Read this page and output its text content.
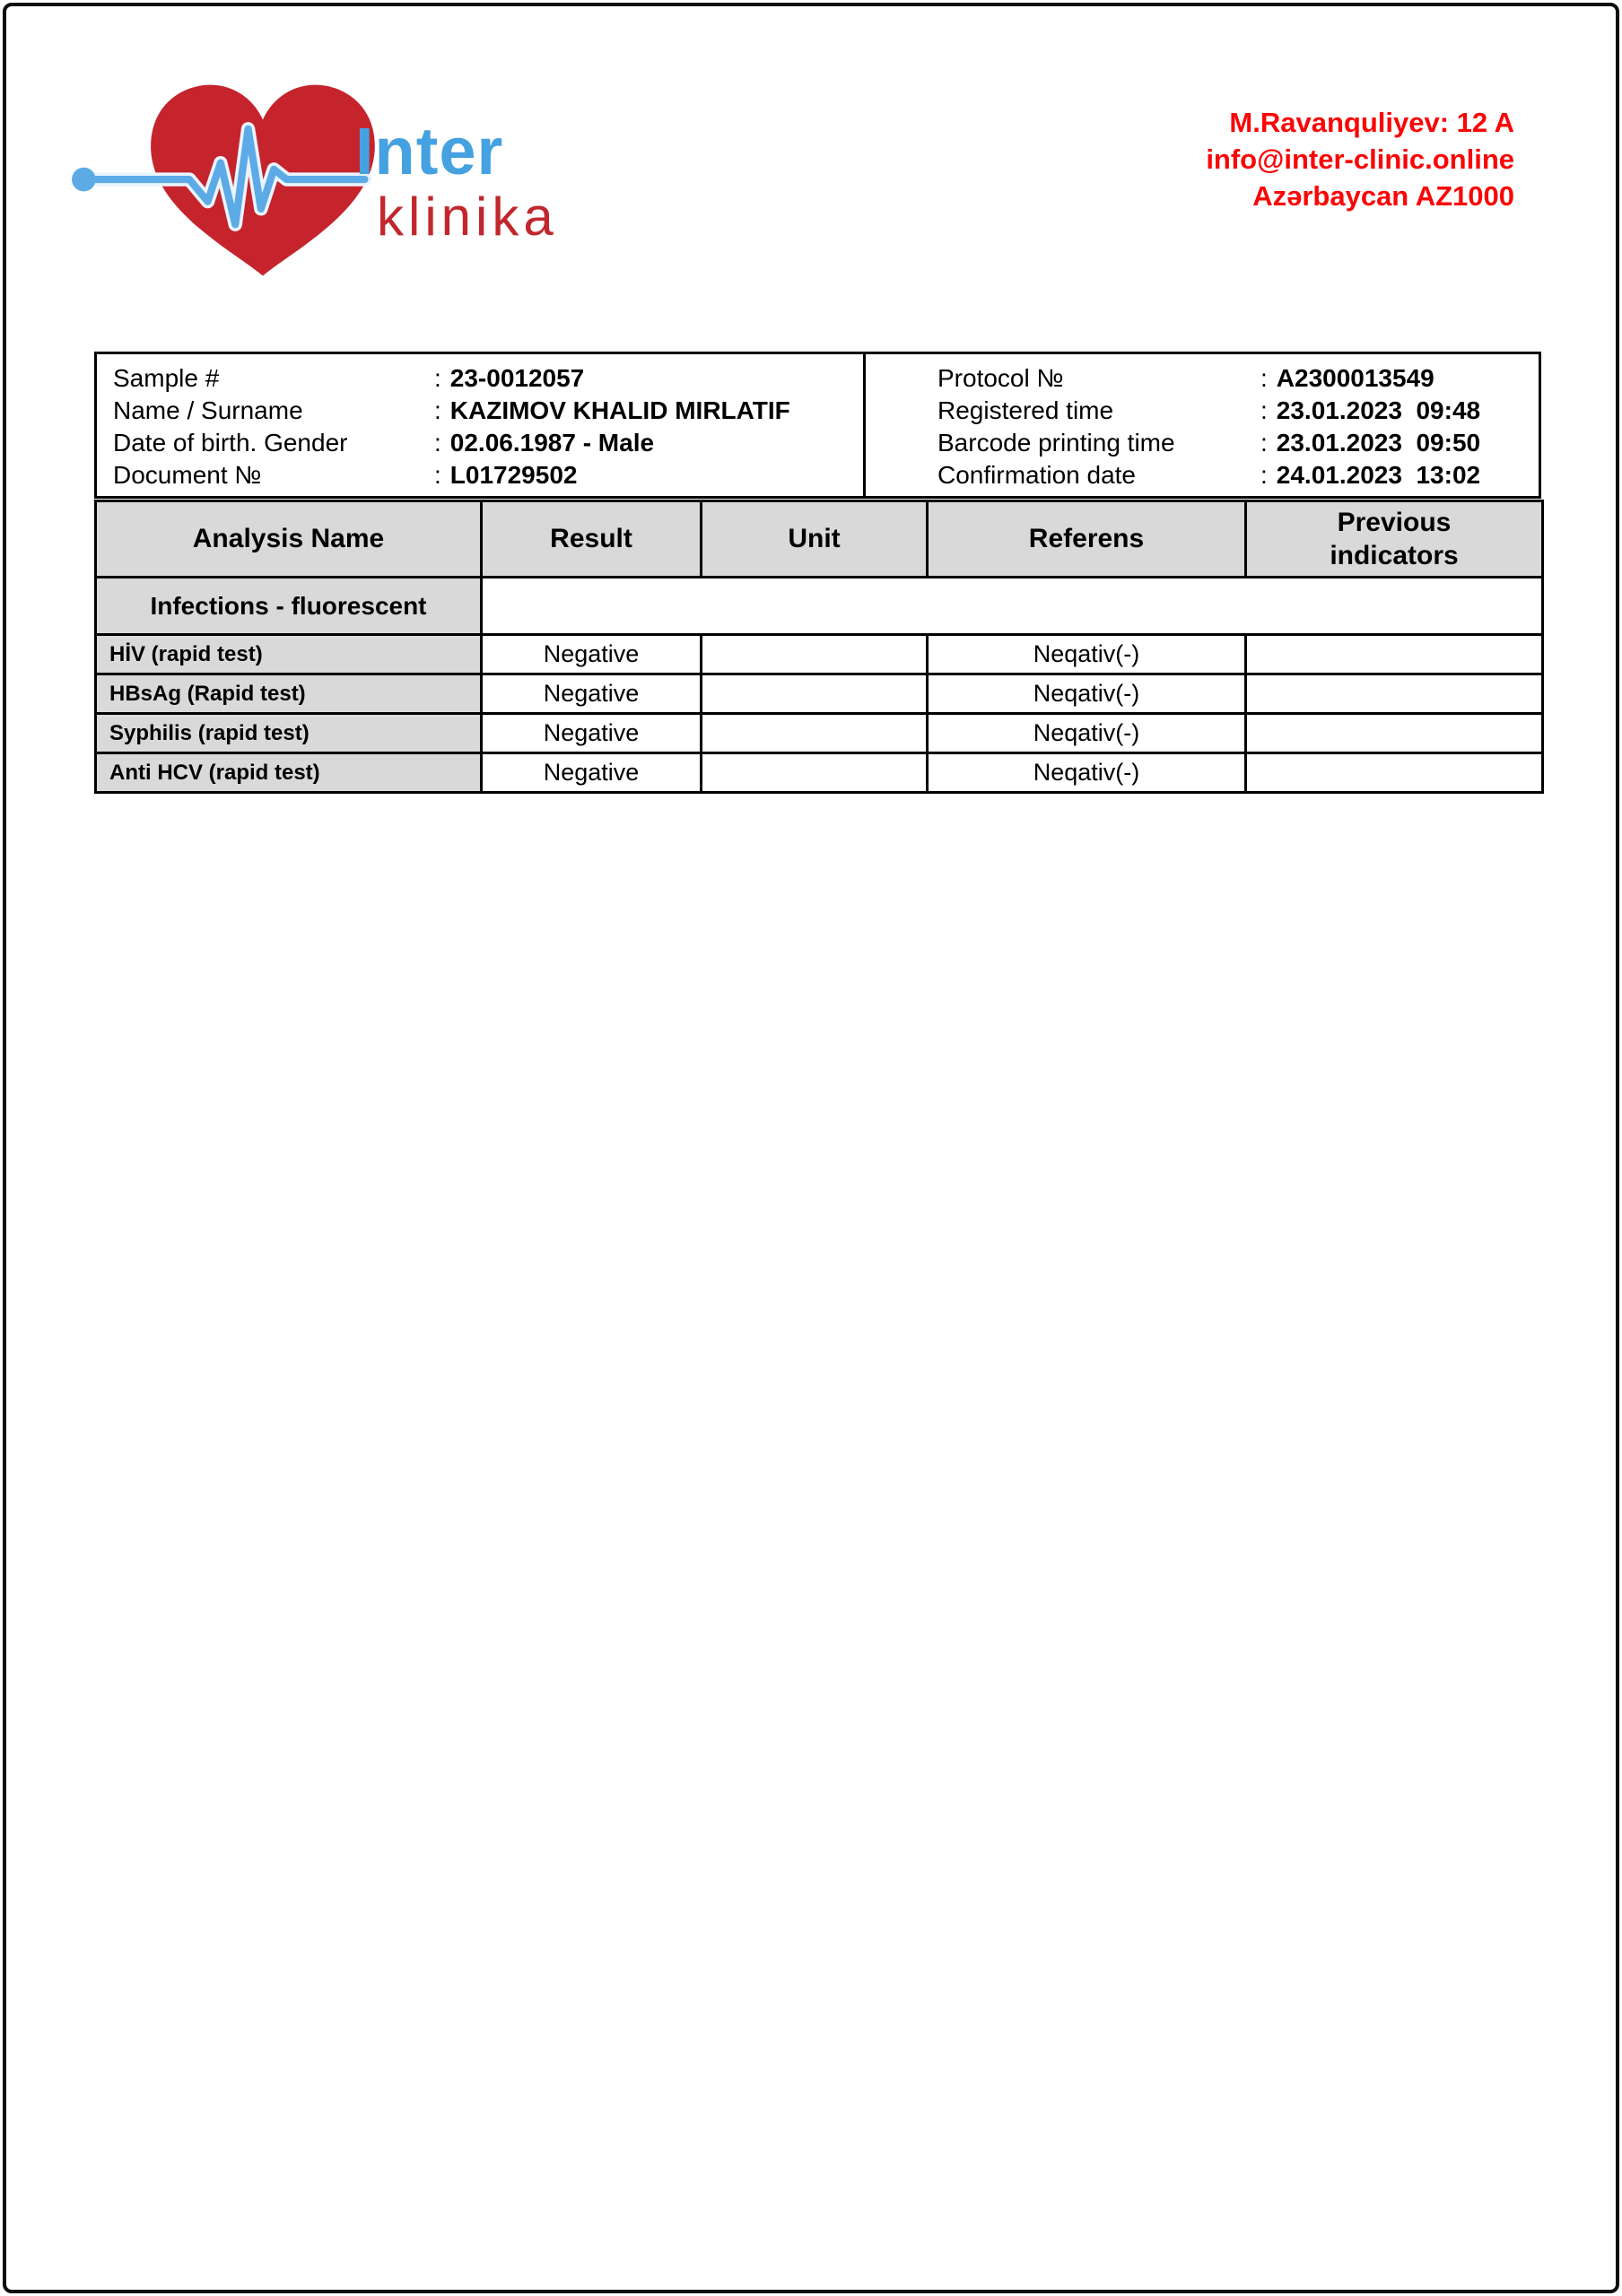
Inter
klinika
M.Ravanquliyev: 12 A
info@inter-clinic.online
Azərbaycan AZ1000
Sample #	: 23-0012057
Name / Surname	: KAZIMOV KHALID MIRLATIF
Date of birth. Gender	: 02.06.1987 - Male
Document №	: L01729502
Protocol №	: A2300013549
Registered time	: 23.01.2023  09:48
Barcode printing time	: 23.01.2023  09:50
Confirmation date	: 24.01.2023  13:02
Analysis Name	Result	Unit	Referens	Previous indicators
Infections - fluorescent				
HİV (rapid test)	Negative		Neqativ(-)	
HBsAg (Rapid test)	Negative		Neqativ(-)	
Syphilis (rapid test)	Negative		Neqativ(-)	
Anti HCV (rapid test)	Negative		Neqativ(-)	
